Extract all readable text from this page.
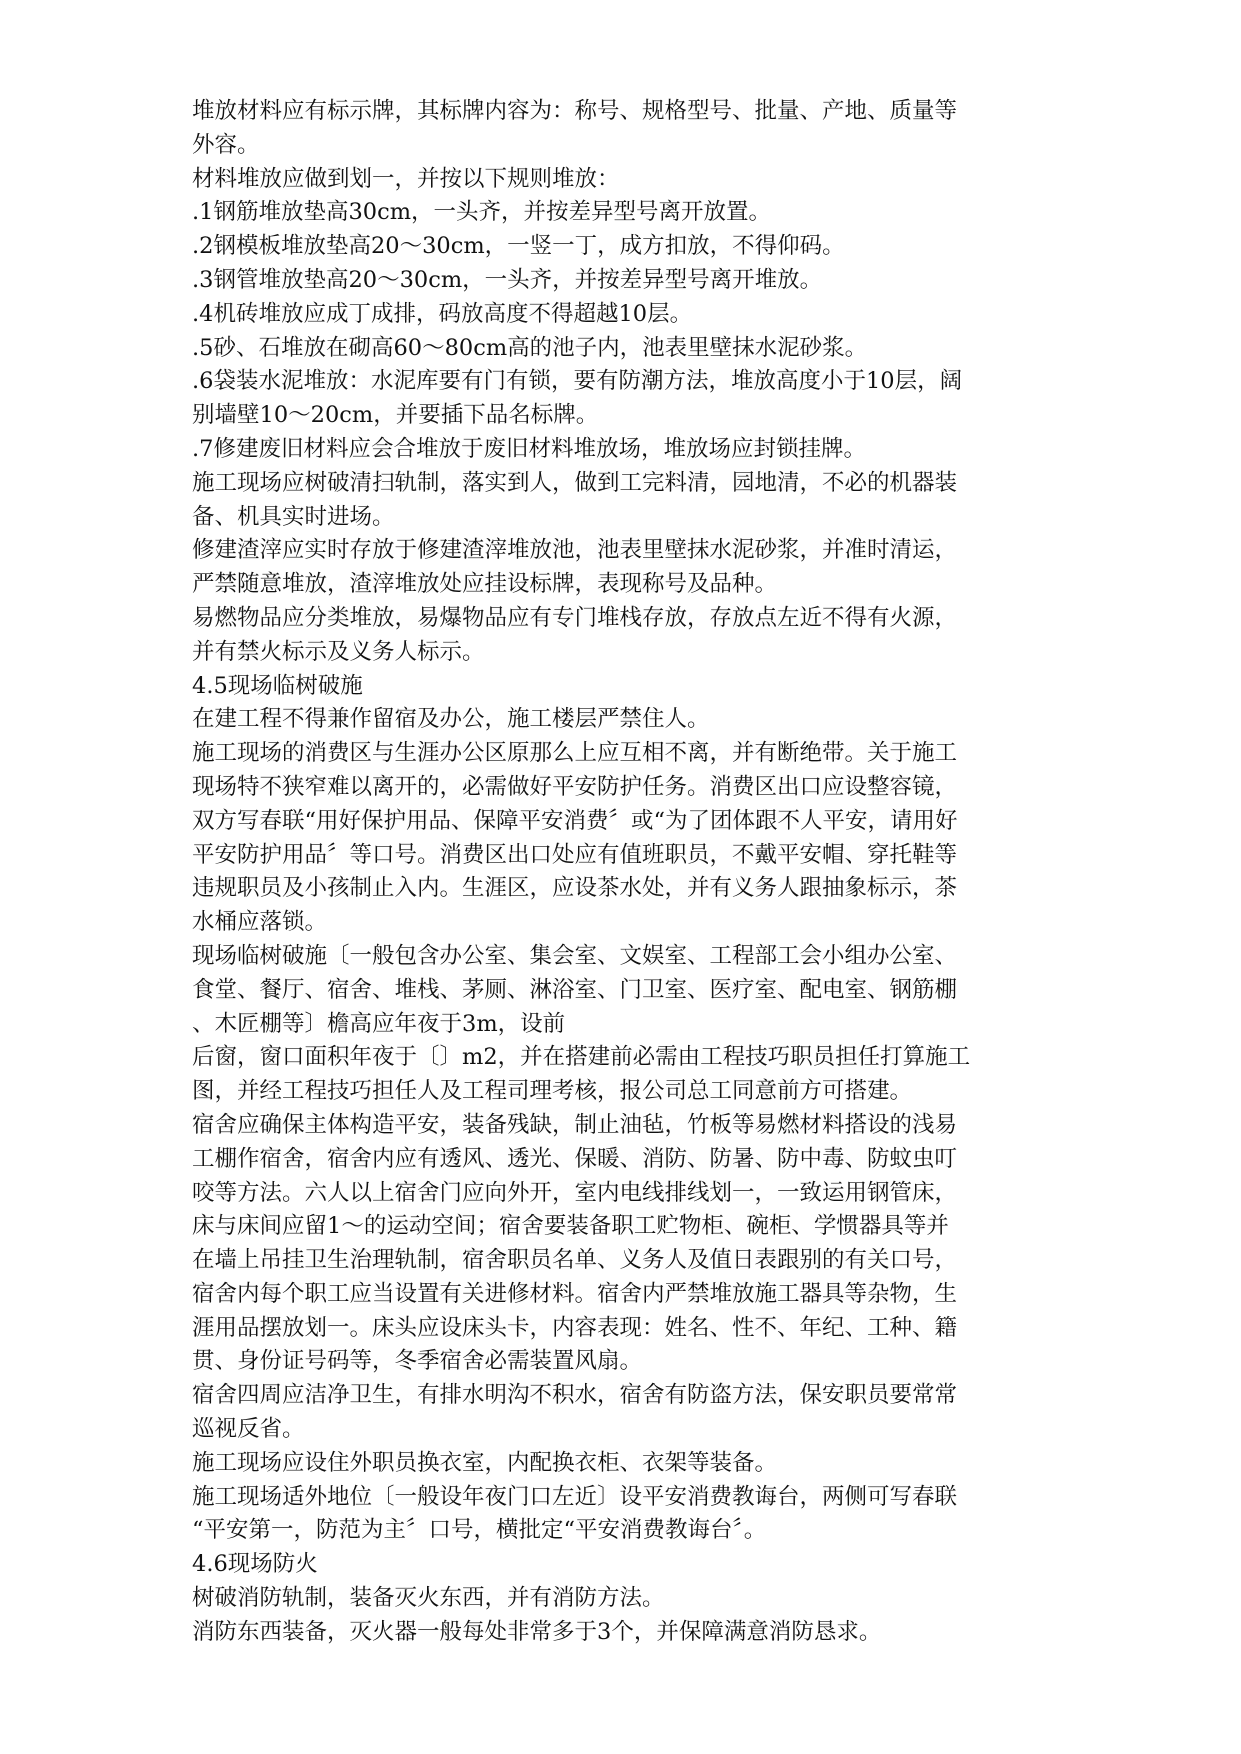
堆放材料应有标示牌，其标牌内容为：称号、规格型号、批量、产地、质量等
外容。
材料堆放应做到划一，并按以下规则堆放：
.1钢筋堆放垫高30cm，一头齐，并按差异型号离开放置。
.2钢模板堆放垫高20～30cm，一竖一丁，成方扣放，不得仰码。
.3钢管堆放垫高20～30cm，一头齐，并按差异型号离开堆放。
.4机砖堆放应成丁成排，码放高度不得超越10层。
.5砂、石堆放在砌高60～80cm高的池子内，池表里壁抹水泥砂浆。
.6袋装水泥堆放：水泥库要有门有锁，要有防潮方法，堆放高度小于10层，阔
别墙壁10～20cm，并要插下品名标牌。
.7修建废旧材料应会合堆放于废旧材料堆放场，堆放场应封锁挂牌。
施工现场应树破清扫轨制，落实到人，做到工完料清，园地清，不必的机器装
备、机具实时进场。
修建渣滓应实时存放于修建渣滓堆放池，池表里壁抹水泥砂浆，并准时清运，
严禁随意堆放，渣滓堆放处应挂设标牌，表现称号及品种。
易燃物品应分类堆放，易爆物品应有专门堆栈存放，存放点左近不得有火源，
并有禁火标示及义务人标示。
4.5现场临树破施
在建工程不得兼作留宿及办公，施工楼层严禁住人。
施工现场的消费区与生涯办公区原那么上应互相不离，并有断绝带。关于施工
现场特不狭窄难以离开的，必需做好平安防护任务。消费区出口应设整容镜，
双方写春联“用好保护用品、保障平安消费〞或“为了团体跟不人平安，请用好
平安防护用品〞等口号。消费区出口处应有值班职员，不戴平安帽、穿托鞋等
违规职员及小孩制止入内。生涯区，应设茶水处，并有义务人跟抽象标示，茶
水桶应落锁。
现场临树破施〔一般包含办公室、集会室、文娱室、工程部工会小组办公室、
食堂、餐厅、宿舍、堆栈、茅厕、淋浴室、门卫室、医疗室、配电室、钢筋棚
、木匠棚等〕檐高应年夜于3m，设前
后窗，窗口面积年夜于〔〕m2，并在搭建前必需由工程技巧职员担任打算施工
图，并经工程技巧担任人及工程司理考核，报公司总工同意前方可搭建。
宿舍应确保主体构造平安，装备残缺，制止油毡，竹板等易燃材料搭设的浅易
工棚作宿舍，宿舍内应有透风、透光、保暖、消防、防暑、防中毒、防蚊虫叮
咬等方法。六人以上宿舍门应向外开，室内电线排线划一，一致运用钢管床，
床与床间应留1～的运动空间；宿舍要装备职工贮物柜、碗柜、学惯器具等并
在墙上吊挂卫生治理轨制，宿舍职员名单、义务人及值日表跟别的有关口号，
宿舍内每个职工应当设置有关进修材料。宿舍内严禁堆放施工器具等杂物，生
涯用品摆放划一。床头应设床头卡，内容表现：姓名、性不、年纪、工种、籍
贯、身份证号码等，冬季宿舍必需装置风扇。
宿舍四周应洁净卫生，有排水明沟不积水，宿舍有防盗方法，保安职员要常常
巡视反省。
施工现场应设住外职员换衣室，内配换衣柜、衣架等装备。
施工现场适外地位〔一般设年夜门口左近〕设平安消费教诲台，两侧可写春联
“平安第一，防范为主〞口号，横批定“平安消费教诲台〞。
4.6现场防火
树破消防轨制，装备灭火东西，并有消防方法。
消防东西装备，灭火器一般每处非常多于3个，并保障满意消防恳求。
